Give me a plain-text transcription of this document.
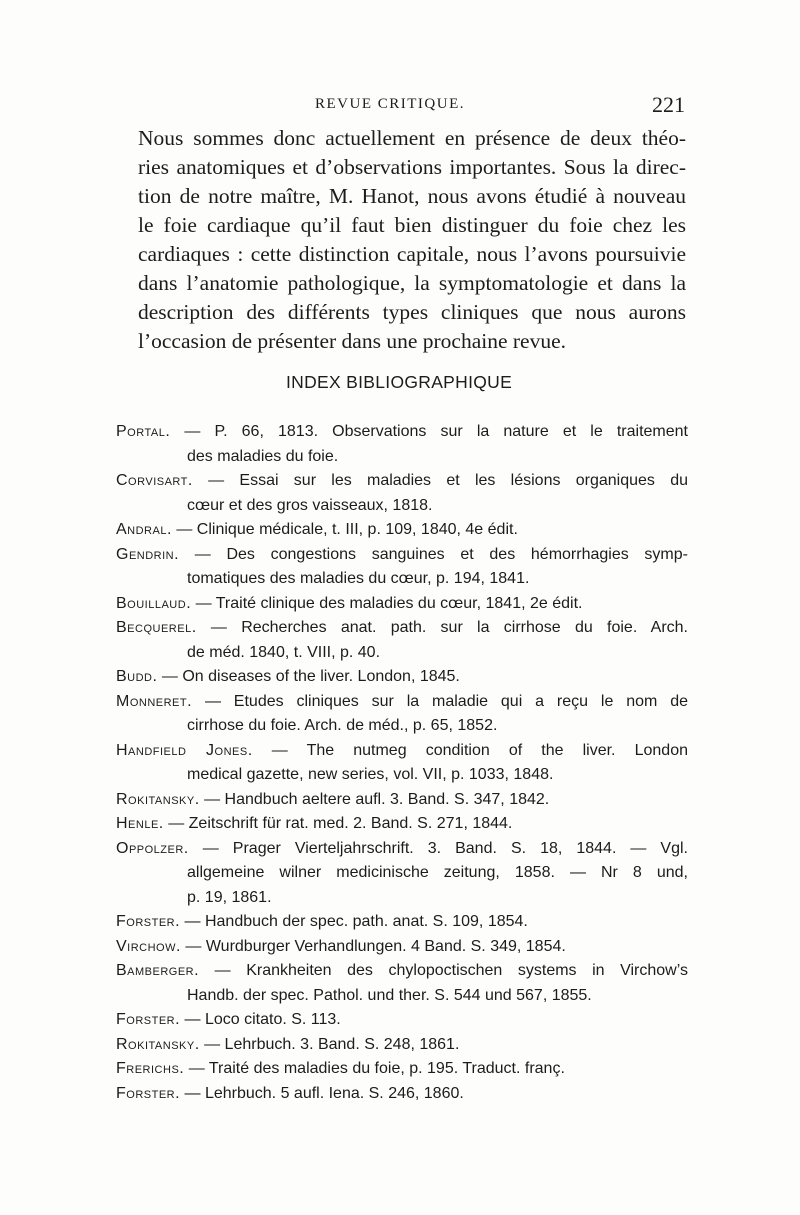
REVUE CRITIQUE.	221

Nous sommes donc actuellement en présence de deux théo-
ries anatomiques et d’observations importantes. Sous la direc-
tion de notre maître, M. Hanot, nous avons étudié à nouveau
le foie cardiaque qu’il faut bien distinguer du foie chez les
cardiaques : cette distinction capitale, nous l’avons poursuivie
dans l’anatomie pathologique, la symptomatologie et dans la
description des différents types cliniques que nous aurons
l’occasion de présenter dans une prochaine revue.

INDEX BIBLIOGRAPHIQUE
Portal. — P. 66, 1813. Observations sur la nature et le traitement
des maladies du foie.
Corvisart. — Essai sur les maladies et les lésions organiques du
cœur et des gros vaisseaux, 1818.
Andral. — Clinique médicale, t. III, p. 109, 1840, 4e édit.
Gendrin. — Des congestions sanguines et des hémorrhagies symp-
tomatiques des maladies du cœur, p. 194, 1841.
Bouillaud. — Traité clinique des maladies du cœur, 1841, 2e édit.
Becquerel. — Recherches anat. path. sur la cirrhose du foie. Arch.
de méd. 1840, t. VIII, p. 40.
Budd. — On diseases of the liver. London, 1845.
Monneret. — Etudes cliniques sur la maladie qui a reçu le nom de
cirrhose du foie. Arch. de méd., p. 65, 1852.
Handfield Jones. — The nutmeg condition of the liver. London
medical gazette, new series, vol. VII, p. 1033, 1848.
Rokitansky. — Handbuch aeltere aufl. 3. Band. S. 347, 1842.
Henle. — Zeitschrift für rat. med. 2. Band. S. 271, 1844.
Oppolzer. — Prager Vierteljahrschrift. 3. Band. S. 18, 1844. — Vgl.
allgemeine wilner medicinische zeitung, 1858. — Nr 8 und,
p. 19, 1861.
Forster. — Handbuch der spec. path. anat. S. 109, 1854.
Virchow. — Wurdburger Verhandlungen. 4 Band. S. 349, 1854.
Bamberger. — Krankheiten des chylopoctischen systems in Virchow’s
Handb. der spec. Pathol. und ther. S. 544 und 567, 1855.
Forster. — Loco citato. S. 113.
Rokitansky. — Lehrbuch. 3. Band. S. 248, 1861.
Frerichs. — Traité des maladies du foie, p. 195. Traduct. franç.
Forster. — Lehrbuch. 5 aufl. Iena. S. 246, 1860.
